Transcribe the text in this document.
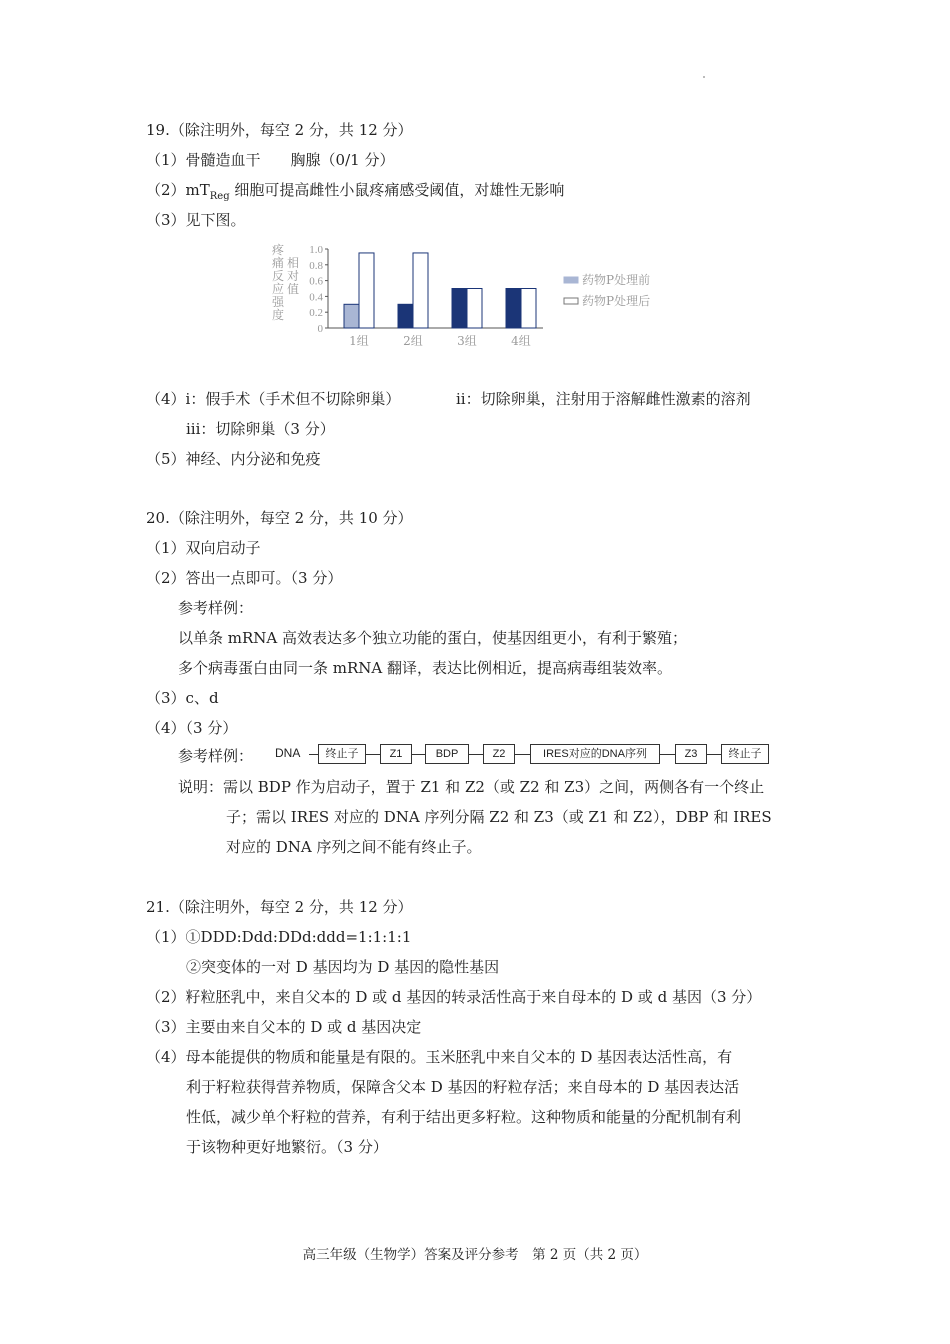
19.（除注明外，每空 2 分，共 12 分）
（1）骨髓造血干　　胸腺（0/1 分）
$(2)mT_{Reg}$ 细胞可提高雌性小鼠疼痛感受阈值，对雄性无影响
（3）见下图。
疼
痛
反
应
强
度
相
对
值
0
0.2
0.4
0.6
0.8
1.0
1组	2组	3组	4组
药物P处理前
药物P处理后
（4）i：假手术（手术但不切除卵巢）	ii：切除卵巢，注射用于溶解雌性激素的溶剂
iii：切除卵巢（3 分）
（5）神经、内分泌和免疫
20.（除注明外，每空 2 分，共 10 分）
（1）双向启动子
（2）答出一点即可。（3 分）
参考样例：
以单条 mRNA 高效表达多个独立功能的蛋白，使基因组更小，有利于繁殖；
多个病毒蛋白由同一条 mRNA 翻译，表达比例相近，提高病毒组装效率。
（3）c、d
（4）（3 分）
参考样例： DNA	终止子	Z1	BDP	Z2	IRES对应的DNA序列	Z3	终止子
说明：需以 BDP 作为启动子，置于 Z1 和 Z2（或 Z2 和 Z3）之间，两侧各有一个终止
子；需以 IRES 对应的 DNA 序列分隔 Z2 和 Z3（或 Z1 和 Z2），DBP 和 IRES
对应的 DNA 序列之间不能有终止子。
21.（除注明外，每空 2 分，共 12 分）
（1）①DDD:Ddd:DDd:ddd=1:1:1:1
②突变体的一对 D 基因均为 D 基因的隐性基因
（2）籽粒胚乳中，来自父本的 D 或 d 基因的转录活性高于来自母本的 D 或 d 基因（3 分）
（3）主要由来自父本的 D 或 d 基因决定
（4）母本能提供的物质和能量是有限的。玉米胚乳中来自父本的 D 基因表达活性高，有
利于籽粒获得营养物质，保障含父本 D 基因的籽粒存活；来自母本的 D 基因表达活
性低，减少单个籽粒的营养，有利于结出更多籽粒。这种物质和能量的分配机制有利
于该物种更好地繁衍。（3 分）
高三年级（生物学）答案及评分参考　第 2 页（共 2 页）
